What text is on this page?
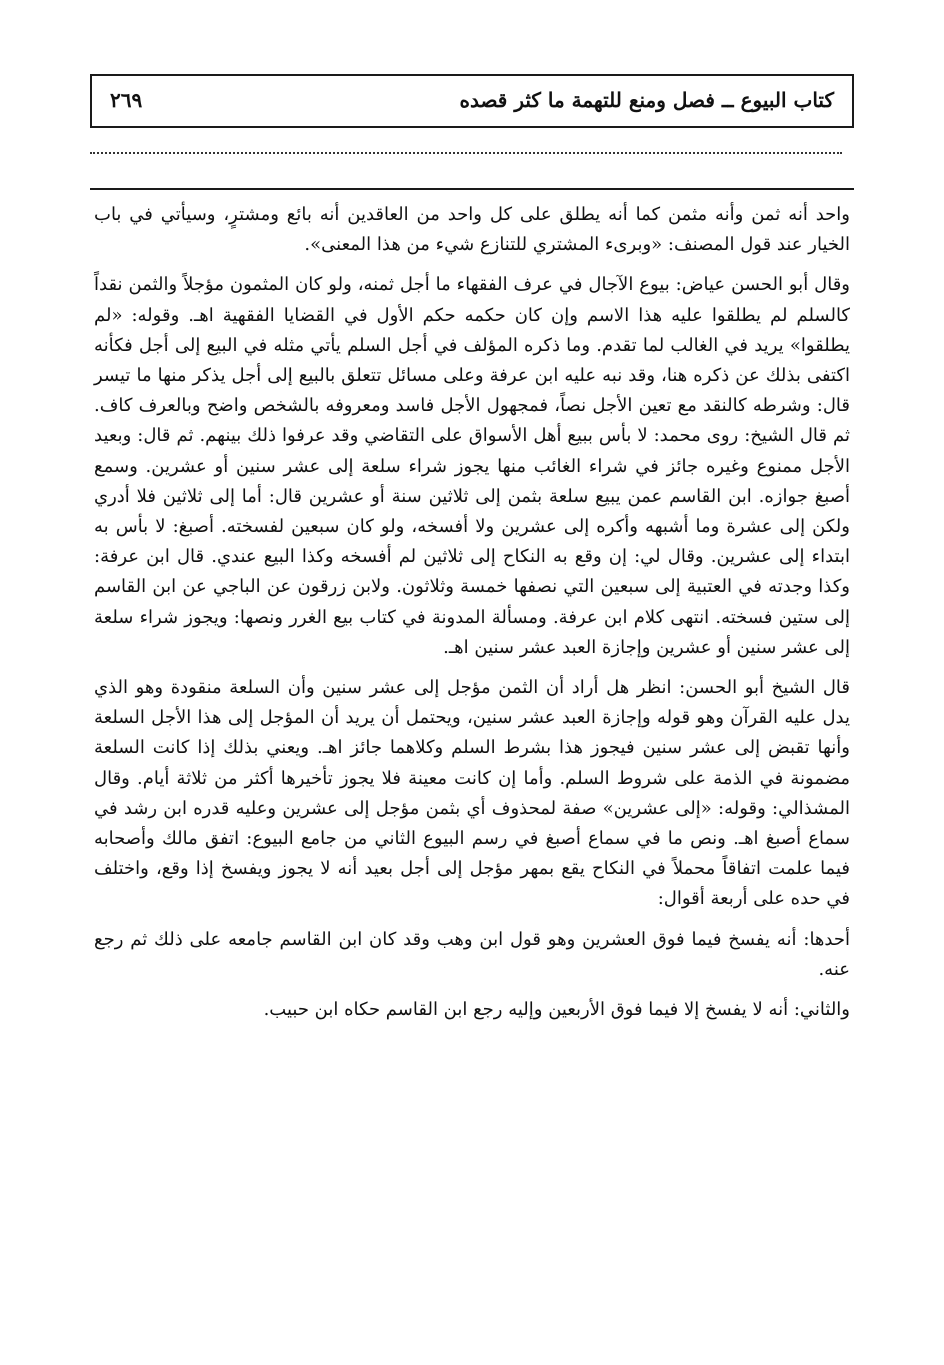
كتاب البيوع ــ فصل ومنع للتهمة ما كثر قصده
٢٦٩

واحد أنه ثمن وأنه مثمن كما أنه يطلق على كل واحد من العاقدين أنه بائع ومشترٍ، وسيأتي في باب الخيار عند قول المصنف: «وبرىء المشتري للتنازع شيء من هذا المعنى».

وقال أبو الحسن عياض: بيوع الآجال في عرف الفقهاء ما أجل ثمنه، ولو كان المثمون مؤجلاً والثمن نقداً كالسلم لم يطلقوا عليه هذا الاسم وإن كان حكمه حكم الأول في القضايا الفقهية اهـ. وقوله: «لم يطلقوا» يريد في الغالب لما تقدم. وما ذكره المؤلف في أجل السلم يأتي مثله في البيع إلى أجل فكأنه اكتفى بذلك عن ذكره هنا، وقد نبه عليه ابن عرفة وعلى مسائل تتعلق بالبيع إلى أجل يذكر منها ما تيسر قال: وشرطه كالنقد مع تعين الأجل نصاً، فمجهول الأجل فاسد ومعروفه بالشخص واضح وبالعرف كاف. ثم قال الشيخ: روى محمد: لا بأس ببيع أهل الأسواق على التقاضي وقد عرفوا ذلك بينهم. ثم قال: وبعيد الأجل ممنوع وغيره جائز في شراء الغائب منها يجوز شراء سلعة إلى عشر سنين أو عشرين. وسمع أصبغ جوازه. ابن القاسم عمن يبيع سلعة بثمن إلى ثلاثين سنة أو عشرين قال: أما إلى ثلاثين فلا أدري ولكن إلى عشرة وما أشبهه وأكره إلى عشرين ولا أفسخه، ولو كان سبعين لفسخته. أصبغ: لا بأس به ابتداء إلى عشرين. وقال لي: إن وقع به النكاح إلى ثلاثين لم أفسخه وكذا البيع عندي. قال ابن عرفة: وكذا وجدته في العتبية إلى سبعين التي نصفها خمسة وثلاثون. ولابن زرقون عن الباجي عن ابن القاسم إلى ستين فسخته. انتهى كلام ابن عرفة. ومسألة المدونة في كتاب بيع الغرر ونصها: ويجوز شراء سلعة إلى عشر سنين أو عشرين وإجازة العبد عشر سنين اهـ.

قال الشيخ أبو الحسن: انظر هل أراد أن الثمن مؤجل إلى عشر سنين وأن السلعة منقودة وهو الذي يدل عليه القرآن وهو قوله وإجازة العبد عشر سنين، ويحتمل أن يريد أن المؤجل إلى هذا الأجل السلعة وأنها تقبض إلى عشر سنين فيجوز هذا بشرط السلم وكلاهما جائز اهـ. ويعني بذلك إذا كانت السلعة مضمونة في الذمة على شروط السلم. وأما إن كانت معينة فلا يجوز تأخيرها أكثر من ثلاثة أيام. وقال المشذالي: وقوله: «إلى عشرين» صفة لمحذوف أي بثمن مؤجل إلى عشرين وعليه قدره ابن رشد في سماع أصبغ اهـ. ونص ما في سماع أصبغ في رسم البيوع الثاني من جامع البيوع: اتفق مالك وأصحابه فيما علمت اتفاقاً محملاً في النكاح يقع بمهر مؤجل إلى أجل بعيد أنه لا يجوز ويفسخ إذا وقع، واختلف في حده على أربعة أقوال:

أحدها: أنه يفسخ فيما فوق العشرين وهو قول ابن وهب وقد كان ابن القاسم جامعه على ذلك ثم رجع عنه.

والثاني: أنه لا يفسخ إلا فيما فوق الأربعين وإليه رجع ابن القاسم حكاه ابن حبيب.
